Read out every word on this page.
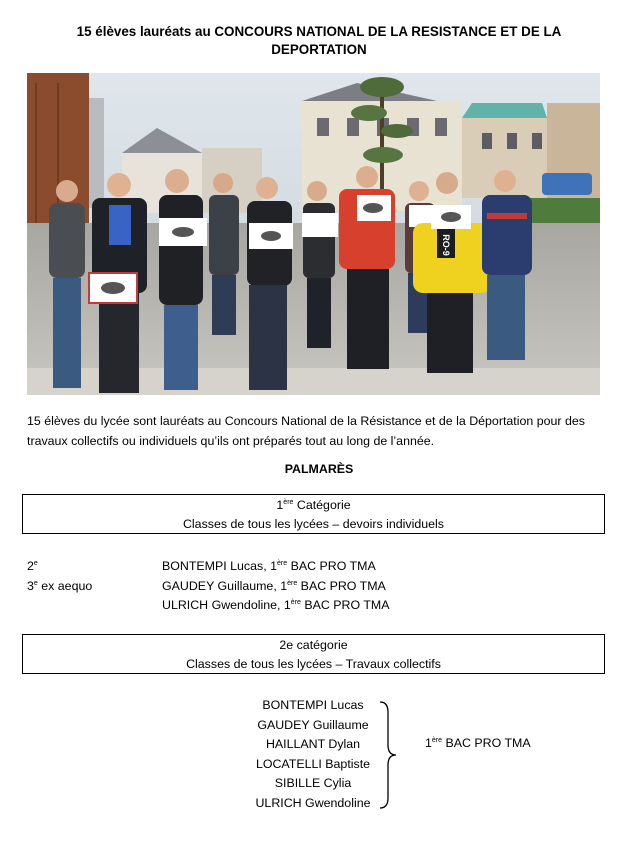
15 élèves lauréats au CONCOURS NATIONAL DE LA RESISTANCE ET DE LA
DEPORTATION
RO-9
15 élèves du lycée sont lauréats au Concours National de la Résistance et de la Déportation pour des travaux collectifs ou individuels qu’ils ont préparés tout au long de l’année.
PALMARÈS
1ère Catégorie
Classes de tous les lycées – devoirs individuels
2e	BONTEMPI Lucas, 1ère BAC PRO TMA
3e ex aequo	GAUDEY Guillaume, 1ère BAC PRO TMA
ULRICH Gwendoline, 1ère BAC PRO TMA
2e catégorie
Classes de tous les lycées – Travaux collectifs
BONTEMPI Lucas
GAUDEY Guillaume
HAILLANT Dylan
LOCATELLI Baptiste
SIBILLE Cylia
ULRICH Gwendoline
1ère BAC PRO TMA
